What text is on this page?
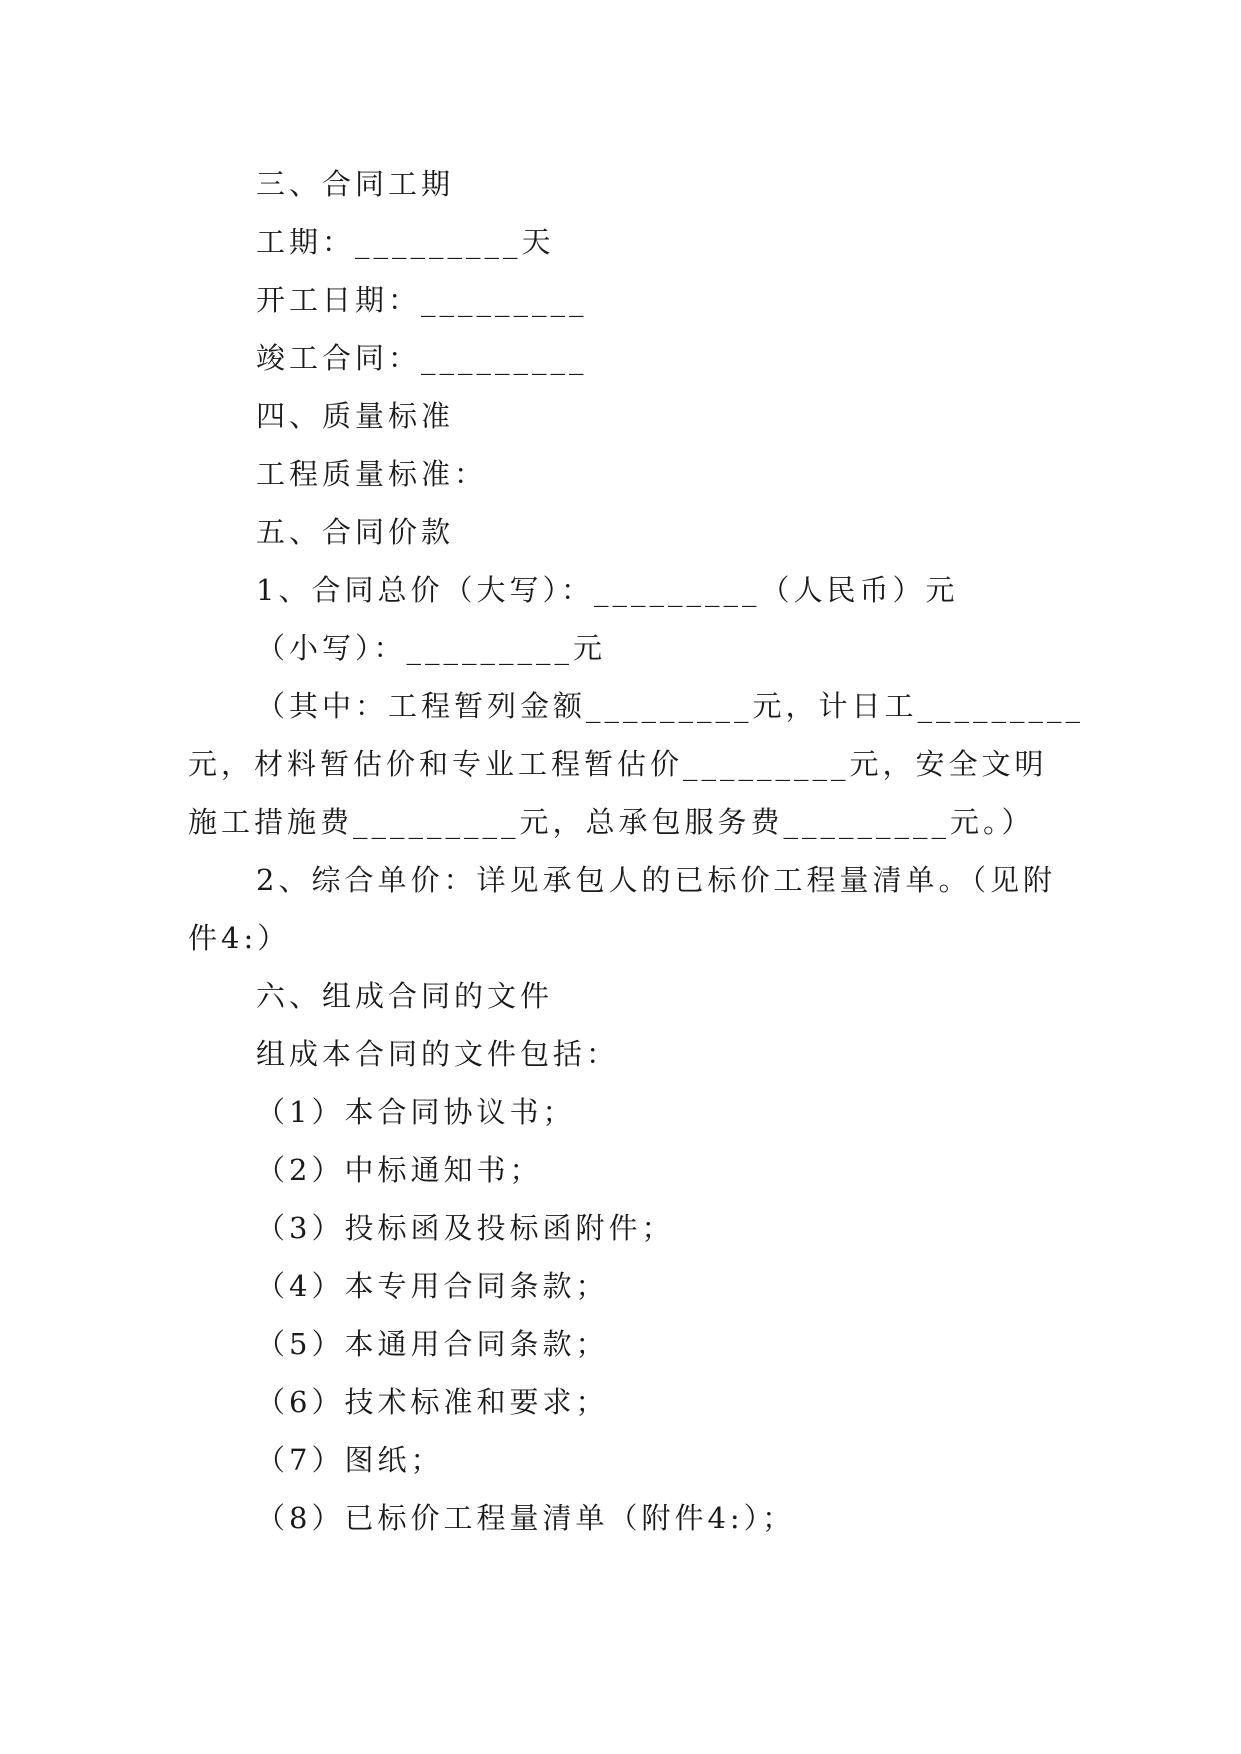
三、合同工期
工期：_________天
开工日期：_________
竣工合同：_________
四、质量标准
工程质量标准：
五、合同价款
1、合同总价（大写）：_________（人民币）元
（小写）：_________元
（其中：工程暂列金额_________元，计日工_________
元，材料暂估价和专业工程暂估价_________元，安全文明
施工措施费_________元，总承包服务费_________元。）
2、综合单价：详见承包人的已标价工程量清单。（见附
件4:）
六、组成合同的文件
组成本合同的文件包括：
（1）本合同协议书；
（2）中标通知书；
（3）投标函及投标函附件；
（4）本专用合同条款；
（5）本通用合同条款；
（6）技术标准和要求；
（7）图纸；
（8）已标价工程量清单（附件4:）；
